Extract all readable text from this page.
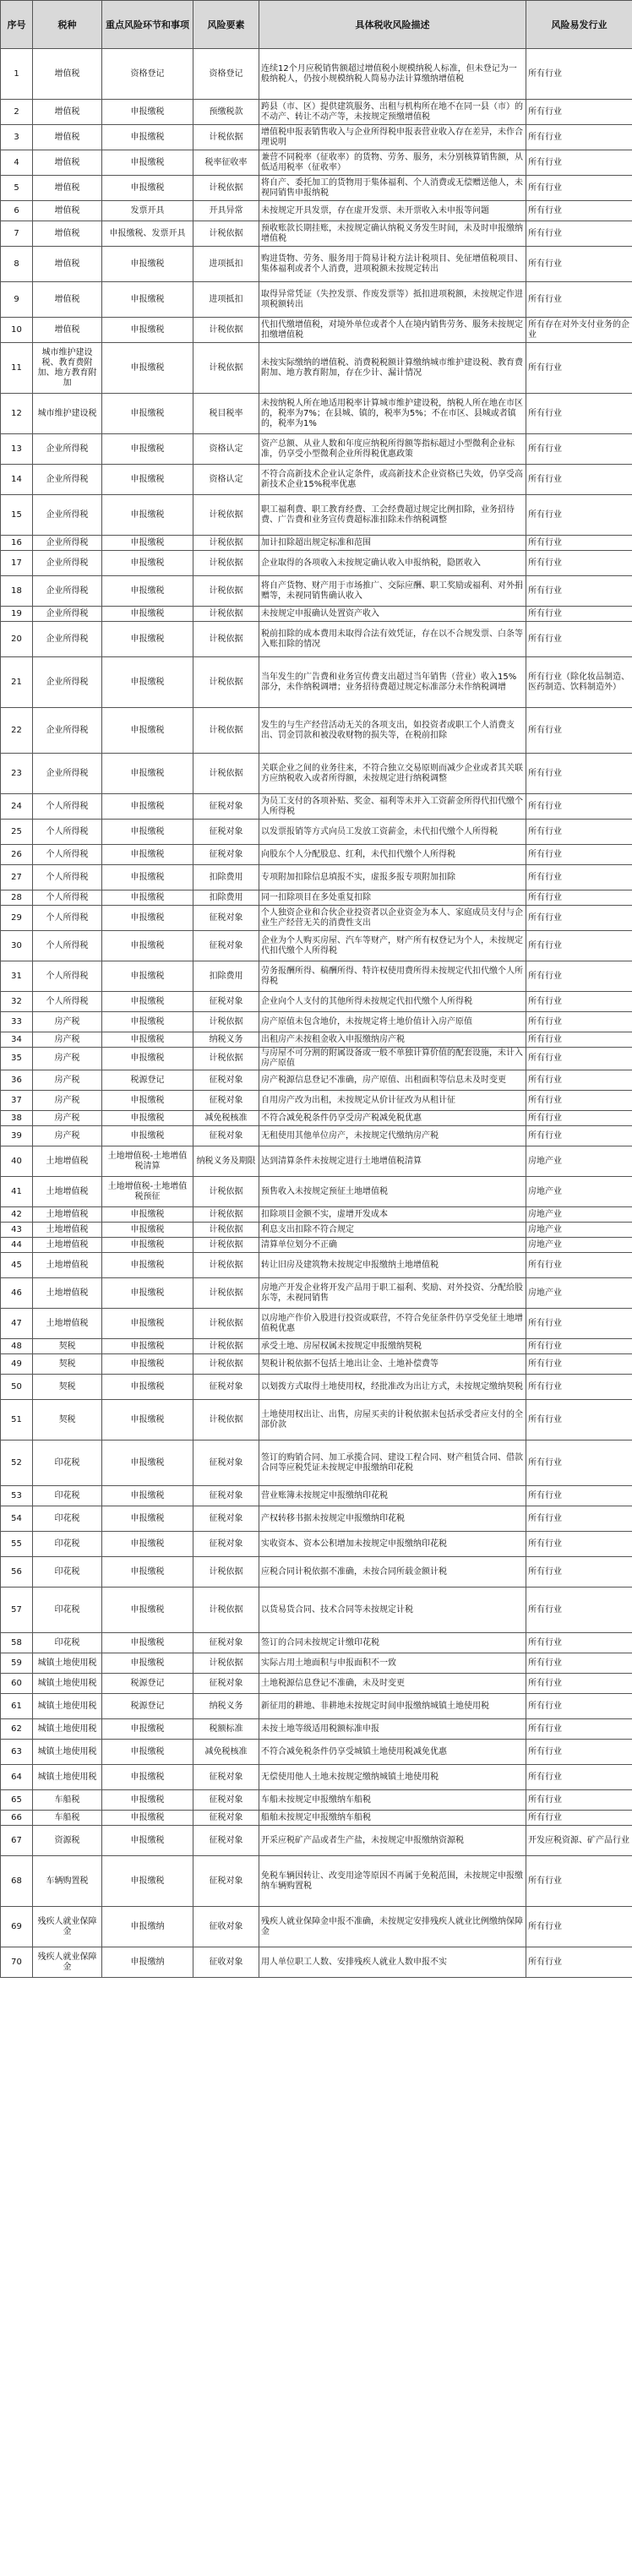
序号	税种	重点风险环节和事项	风险要素	具体税收风险描述	风险易发行业
1	增值税	资格登记	资格登记	连续12个月应税销售额超过增值税小规模纳税人标准，但未登记为一般纳税人，仍按小规模纳税人简易办法计算缴纳增值税	所有行业
2	增值税	申报缴税	预缴税款	跨县（市、区）提供建筑服务、出租与机构所在地不在同一县（市）的不动产、转让不动产等，未按规定预缴增值税	所有行业
3	增值税	申报缴税	计税依据	增值税申报表销售收入与企业所得税申报表营业收入存在差异，未作合理说明	所有行业
4	增值税	申报缴税	税率征收率	兼营不同税率（征收率）的货物、劳务、服务，未分别核算销售额，从低适用税率（征收率）	所有行业
5	增值税	申报缴税	计税依据	将自产、委托加工的货物用于集体福利、个人消费或无偿赠送他人，未视同销售申报纳税	所有行业
6	增值税	发票开具	开具异常	未按规定开具发票，存在虚开发票、未开票收入未申报等问题	所有行业
7	增值税	申报缴税、发票开具	计税依据	预收账款长期挂账，未按规定确认纳税义务发生时间，未及时申报缴纳增值税	所有行业
8	增值税	申报缴税	进项抵扣	购进货物、劳务、服务用于简易计税方法计税项目、免征增值税项目、集体福利或者个人消费，进项税额未按规定转出	所有行业
9	增值税	申报缴税	进项抵扣	取得异常凭证（失控发票、作废发票等）抵扣进项税额，未按规定作进项税额转出	所有行业
10	增值税	申报缴税	计税依据	代扣代缴增值税，对境外单位或者个人在境内销售劳务、服务未按规定扣缴增值税	所有存在对外支付业务的企业
11	城市维护建设税、教育费附加、地方教育附加	申报缴税	计税依据	未按实际缴纳的增值税、消费税税额计算缴纳城市维护建设税、教育费附加、地方教育附加，存在少计、漏计情况	所有行业
12	城市维护建设税	申报缴税	税目税率	未按纳税人所在地适用税率计算城市维护建设税，纳税人所在地在市区的，税率为7%；在县城、镇的，税率为5%；不在市区、县城或者镇的，税率为1%	所有行业
13	企业所得税	申报缴税	资格认定	资产总额、从业人数和年度应纳税所得额等指标超过小型微利企业标准，仍享受小型微利企业所得税优惠政策	所有行业
14	企业所得税	申报缴税	资格认定	不符合高新技术企业认定条件，或高新技术企业资格已失效，仍享受高新技术企业15%税率优惠	所有行业
15	企业所得税	申报缴税	计税依据	职工福利费、职工教育经费、工会经费超过规定比例扣除，业务招待费、广告费和业务宣传费超标准扣除未作纳税调整	所有行业
16	企业所得税	申报缴税	计税依据	加计扣除超出规定标准和范围	所有行业
17	企业所得税	申报缴税	计税依据	企业取得的各项收入未按规定确认收入申报纳税，隐匿收入	所有行业
18	企业所得税	申报缴税	计税依据	将自产货物、财产用于市场推广、交际应酬、职工奖励或福利、对外捐赠等，未视同销售确认收入	所有行业
19	企业所得税	申报缴税	计税依据	未按规定申报确认处置资产收入	所有行业
20	企业所得税	申报缴税	计税依据	税前扣除的成本费用未取得合法有效凭证，存在以不合规发票、白条等入账扣除的情况	所有行业
21	企业所得税	申报缴税	计税依据	当年发生的广告费和业务宣传费支出超过当年销售（营业）收入15%部分，未作纳税调增；业务招待费超过规定标准部分未作纳税调增	所有行业（除化妆品制造、医药制造、饮料制造外）
22	企业所得税	申报缴税	计税依据	发生的与生产经营活动无关的各项支出，如投资者或职工个人消费支出、罚金罚款和被没收财物的损失等，在税前扣除	所有行业
23	企业所得税	申报缴税	计税依据	关联企业之间的业务往来，不符合独立交易原则而减少企业或者其关联方应纳税收入或者所得额，未按规定进行纳税调整	所有行业
24	个人所得税	申报缴税	征税对象	为员工支付的各项补贴、奖金、福利等未并入工资薪金所得代扣代缴个人所得税	所有行业
25	个人所得税	申报缴税	征税对象	以发票报销等方式向员工发放工资薪金，未代扣代缴个人所得税	所有行业
26	个人所得税	申报缴税	征税对象	向股东个人分配股息、红利，未代扣代缴个人所得税	所有行业
27	个人所得税	申报缴税	扣除费用	专项附加扣除信息填报不实，虚报多报专项附加扣除	所有行业
28	个人所得税	申报缴税	扣除费用	同一扣除项目在多处重复扣除	所有行业
29	个人所得税	申报缴税	征税对象	个人独资企业和合伙企业投资者以企业资金为本人、家庭成员支付与企业生产经营无关的消费性支出	所有行业
30	个人所得税	申报缴税	征税对象	企业为个人购买房屋、汽车等财产，财产所有权登记为个人，未按规定代扣代缴个人所得税	所有行业
31	个人所得税	申报缴税	扣除费用	劳务报酬所得、稿酬所得、特许权使用费所得未按规定代扣代缴个人所得税	所有行业
32	个人所得税	申报缴税	征税对象	企业向个人支付的其他所得未按规定代扣代缴个人所得税	所有行业
33	房产税	申报缴税	计税依据	房产原值未包含地价，未按规定将土地价值计入房产原值	所有行业
34	房产税	申报缴税	纳税义务	出租房产未按租金收入申报缴纳房产税	所有行业
35	房产税	申报缴税	计税依据	与房屋不可分割的附属设备或一般不单独计算价值的配套设施，未计入房产原值	所有行业
36	房产税	税源登记	征税对象	房产税源信息登记不准确，房产原值、出租面积等信息未及时变更	所有行业
37	房产税	申报缴税	征税对象	自用房产改为出租，未按规定从价计征改为从租计征	所有行业
38	房产税	申报缴税	减免税核准	不符合减免税条件仍享受房产税减免税优惠	所有行业
39	房产税	申报缴税	征税对象	无租使用其他单位房产，未按规定代缴纳房产税	所有行业
40	土地增值税	土地增值税-土地增值税清算	纳税义务及期限	达到清算条件未按规定进行土地增值税清算	房地产业
41	土地增值税	土地增值税-土地增值税预征	计税依据	预售收入未按规定预征土地增值税	房地产业
42	土地增值税	申报缴税	计税依据	扣除项目金额不实，虚增开发成本	房地产业
43	土地增值税	申报缴税	计税依据	利息支出扣除不符合规定	房地产业
44	土地增值税	申报缴税	计税依据	清算单位划分不正确	房地产业
45	土地增值税	申报缴税	计税依据	转让旧房及建筑物未按规定申报缴纳土地增值税	所有行业
46	土地增值税	申报缴税	计税依据	房地产开发企业将开发产品用于职工福利、奖励、对外投资、分配给股东等，未视同销售	房地产业
47	土地增值税	申报缴税	计税依据	以房地产作价入股进行投资或联营，不符合免征条件仍享受免征土地增值税优惠	所有行业
48	契税	申报缴税	计税依据	承受土地、房屋权属未按规定申报缴纳契税	所有行业
49	契税	申报缴税	计税依据	契税计税依据不包括土地出让金、土地补偿费等	所有行业
50	契税	申报缴税	征税对象	以划拨方式取得土地使用权，经批准改为出让方式，未按规定缴纳契税	所有行业
51	契税	申报缴税	计税依据	土地使用权出让、出售，房屋买卖的计税依据未包括承受者应支付的全部价款	所有行业
52	印花税	申报缴税	征税对象	签订的购销合同、加工承揽合同、建设工程合同、财产租赁合同、借款合同等应税凭证未按规定申报缴纳印花税	所有行业
53	印花税	申报缴税	征税对象	营业账簿未按规定申报缴纳印花税	所有行业
54	印花税	申报缴税	征税对象	产权转移书据未按规定申报缴纳印花税	所有行业
55	印花税	申报缴税	征税对象	实收资本、资本公积增加未按规定申报缴纳印花税	所有行业
56	印花税	申报缴税	计税依据	应税合同计税依据不准确，未按合同所载金额计税	所有行业
57	印花税	申报缴税	计税依据	以货易货合同、技术合同等未按规定计税	所有行业
58	印花税	申报缴税	征税对象	签订的合同未按规定计缴印花税	所有行业
59	城镇土地使用税	申报缴税	计税依据	实际占用土地面积与申报面积不一致	所有行业
60	城镇土地使用税	税源登记	征税对象	土地税源信息登记不准确，未及时变更	所有行业
61	城镇土地使用税	税源登记	纳税义务	新征用的耕地、非耕地未按规定时间申报缴纳城镇土地使用税	所有行业
62	城镇土地使用税	申报缴税	税额标准	未按土地等级适用税额标准申报	所有行业
63	城镇土地使用税	申报缴税	减免税核准	不符合减免税条件仍享受城镇土地使用税减免优惠	所有行业
64	城镇土地使用税	申报缴税	征税对象	无偿使用他人土地未按规定缴纳城镇土地使用税	所有行业
65	车船税	申报缴税	征税对象	车船未按规定申报缴纳车船税	所有行业
66	车船税	申报缴税	征税对象	船舶未按规定申报缴纳车船税	所有行业
67	资源税	申报缴税	征税对象	开采应税矿产品或者生产盐，未按规定申报缴纳资源税	开发应税资源、矿产品行业
68	车辆购置税	申报缴税	征税对象	免税车辆因转让、改变用途等原因不再属于免税范围，未按规定申报缴纳车辆购置税	所有行业
69	残疾人就业保障金	申报缴纳	征收对象	残疾人就业保障金申报不准确，未按规定安排残疾人就业比例缴纳保障金	所有行业
70	残疾人就业保障金	申报缴纳	征收对象	用人单位职工人数、安排残疾人就业人数申报不实	所有行业
